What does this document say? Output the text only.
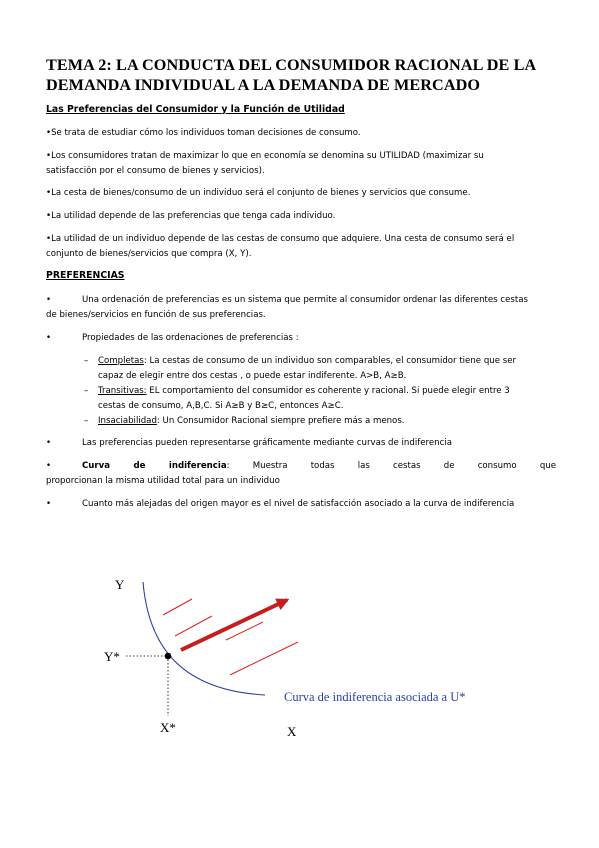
TEMA 2: LA CONDUCTA DEL CONSUMIDOR RACIONAL DE LA DEMANDA INDIVIDUAL A LA DEMANDA DE MERCADO
Las Preferencias del Consumidor y la Función de Utilidad
•Se trata de estudiar cómo los individuos toman decisiones de consumo.
•Los consumidores tratan de maximizar lo que en economía se denomina su UTILIDAD (maximizar su
satisfacción por el consumo de bienes y servicios).
•La cesta de bienes/consumo de un individuo será el conjunto de bienes y servicios que consume.
•La utilidad depende de las preferencias que tenga cada individuo.
•La utilidad de un individuo depende de las cestas de consumo que adquiere. Una cesta de consumo será el
conjunto de bienes/servicios que compra (X, Y).
PREFERENCIAS
•	Una ordenación de preferencias es un sistema que permite al consumidor ordenar las diferentes cestas
de bienes/servicios en función de sus preferencias.
•	Propiedades de las ordenaciones de preferencias :
– Completas: La cestas de consumo de un individuo son comparables, el consumidor tiene que ser
capaz de elegir entre dos cestas , o puede estar indiferente. A>B, A≥B.
– Transitivas: EL comportamiento del consumidor es coherente y racional. Si puede elegir entre 3
cestas de consumo, A,B,C. Si A≥B y B≥C, entonces A≥C.
– Insaciabilidad: Un Consumidor Racional siempre prefiere más a menos.
•	Las preferencias pueden representarse gráficamente mediante curvas de indiferencia
•	Curva de indiferencia: Muestra	todas	las	cestas	de	consumo	que
proporcionan la misma utilidad total para un individuo
•	Cuanto más alejadas del origen mayor es el nivel de satisfacción asociado a la curva de indiferencia
Y
X
Y*
X*
Curva de indiferencia asociada a U*
